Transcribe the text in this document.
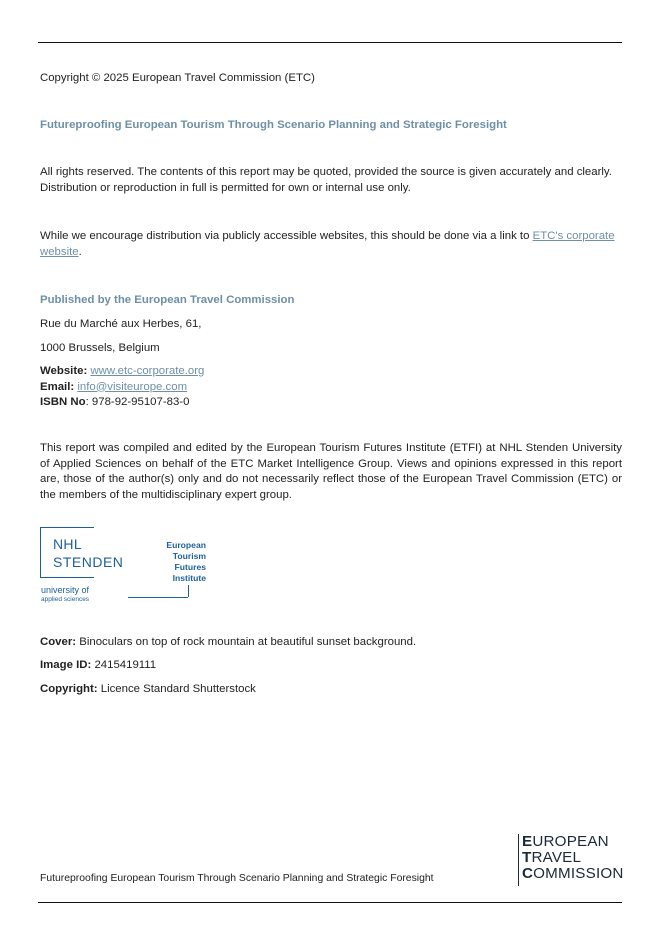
Copyright © 2025 European Travel Commission (ETC)

Futureproofing European Tourism Through Scenario Planning and Strategic Foresight

All rights reserved. The contents of this report may be quoted, provided the source is given accurately and clearly.
Distribution or reproduction in full is permitted for own or internal use only.

While we encourage distribution via publicly accessible websites, this should be done via a link to ETC's corporate
website.

Published by the European Travel Commission

Rue du Marché aux Herbes, 61,

1000 Brussels, Belgium

Website: www.etc-corporate.org
Email: info@visiteurope.com
ISBN No: 978-92-95107-83-0

This report was compiled and edited by the European Tourism Futures Institute (ETFI) at NHL Stenden University of Applied Sciences on behalf of the ETC Market Intelligence Group. Views and opinions expressed in this report are, those of the author(s) only and do not necessarily reflect those of the European Travel Commission (ETC) or the members of the multidisciplinary expert group.

NHL
STENDEN
university of
applied sciences
European
Tourism
Futures
Institute

Cover: Binoculars on top of rock mountain at beautiful sunset background.

Image ID: 2415419111

Copyright: Licence Standard Shutterstock

EUROPEAN
TRAVEL
COMMISSION
Futureproofing European Tourism Through Scenario Planning and Strategic Foresight
